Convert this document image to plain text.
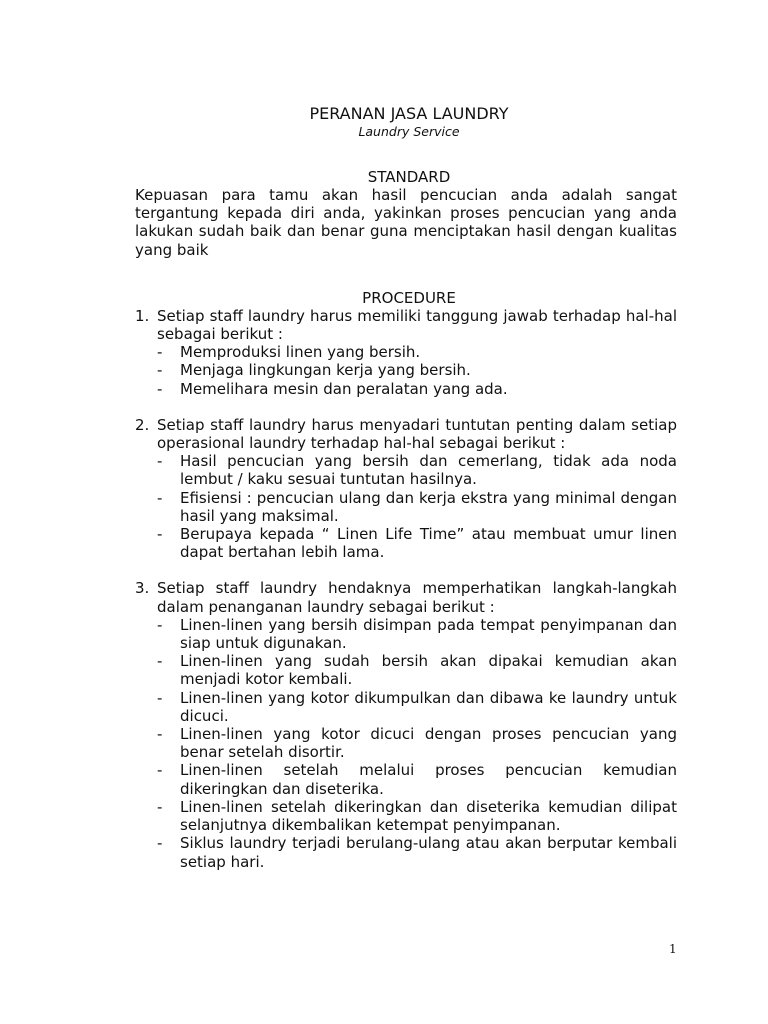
PERANAN JASA LAUNDRY
Laundry Service
STANDARD
Kepuasan para tamu akan hasil pencucian anda adalah sangat tergantung kepada diri anda, yakinkan proses pencucian yang anda lakukan sudah baik dan benar guna menciptakan hasil dengan kualitas yang baik
PROCEDURE
1. Setiap staff laundry harus memiliki tanggung jawab terhadap hal-hal sebagai berikut :
-	Memproduksi linen yang bersih.
-	Menjaga lingkungan kerja yang bersih.
-	Memelihara mesin dan peralatan yang ada.
2. Setiap staff laundry harus menyadari tuntutan penting dalam setiap operasional laundry terhadap hal-hal sebagai berikut :
-	Hasil pencucian yang bersih dan cemerlang, tidak ada noda lembut / kaku sesuai tuntutan hasilnya.
-	Efisiensi : pencucian ulang dan kerja ekstra yang minimal dengan hasil yang maksimal.
-	Berupaya kepada “ Linen Life Time” atau membuat umur linen dapat bertahan lebih lama.
3. Setiap staff laundry hendaknya memperhatikan langkah-langkah dalam penanganan laundry sebagai berikut :
-	Linen-linen yang bersih disimpan pada tempat penyimpanan dan siap untuk digunakan.
-	Linen-linen yang sudah bersih akan dipakai kemudian akan menjadi kotor kembali.
-	Linen-linen yang kotor dikumpulkan dan dibawa ke laundry untuk dicuci.
-	Linen-linen yang kotor dicuci dengan proses pencucian yang benar setelah disortir.
-	Linen-linen setelah melalui proses pencucian kemudian dikeringkan dan diseterika.
-	Linen-linen setelah dikeringkan dan diseterika kemudian dilipat selanjutnya dikembalikan ketempat penyimpanan.
-	Siklus laundry terjadi berulang-ulang atau akan berputar kembali setiap hari.
1
